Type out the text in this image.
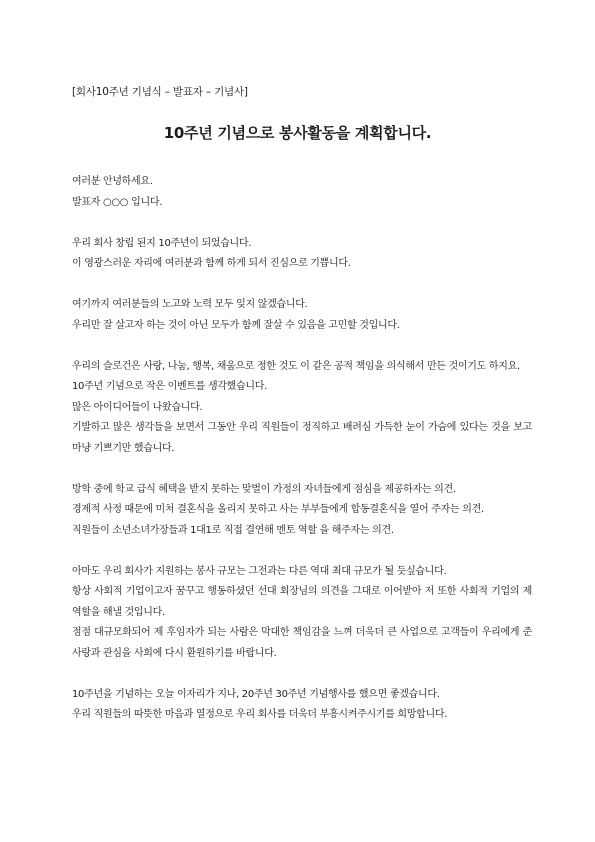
[회사10주년 기념식 – 발표자 – 기념사]
10주년 기념으로 봉사활동을 계획합니다.
여러분 안녕하세요.
발표자 ○○○ 입니다.
우리 회사 창립 된지 10주년이 되었습니다.
이 영광스러운 자리에 여러분과 함께 하게 되서 진심으로 기쁩니다.
여기까지 여러분들의 노고와 노력 모두 잊지 않겠습니다.
우리만 잘 살고자 하는 것이 아닌 모두가 함께 잘살 수 있음을 고민할 것입니다.
우리의 슬로건은 사랑, 나눔, 행복, 채움으로 정한 것도 이 같은 공적 책임을 의식해서 만든 것이기도 하지요.
10주년 기념으로 작은 이벤트를 생각했습니다.
많은 아이디어들이 나왔습니다.
기발하고 많은 생각들을 보면서 그동안 우리 직원들이 정직하고 배려심 가득한 눈이 가슴에 있다는 것을 보고 마냥 기쁘기만 했습니다.
방학 중에 학교 급식 혜택을 받지 못하는 맞벌이 가정의 자녀들에게 점심을 제공하자는 의견.
경제적 사정 때문에 미처 결혼식을 올리지 못하고 사는 부부들에게 합동결혼식을 열어 주자는 의견.
직원들이 소년소녀가장들과 1대1로 직접 결연해 멘토 역할 을 해주자는 의견.
아마도 우리 회사가 지원하는 봉사 규모는 그전과는 다른 역대 최대 규모가 될 듯싶습니다.
항상 사회적 기업이고자 꿈꾸고 행동하셨던 선대 회장님의 의견을 그대로 이어받아 저 또한 사회적 기업의 제 역할을 해낼 것입니다.
점점 대규모화되어 제 후임자가 되는 사람은 막대한 책임감을 느껴 더욱더 큰 사업으로 고객들이 우리에게 준 사랑과 관심을 사회에 다시 환원하기를 바랍니다.
10주년을 기념하는 오늘 이자리가 지나, 20주년 30주년 기념행사를 했으면 좋겠습니다.
우리 직원들의 따뜻한 마음과 열정으로 우리 회사를 더욱더 부흥시켜주시기를 희망합니다.
